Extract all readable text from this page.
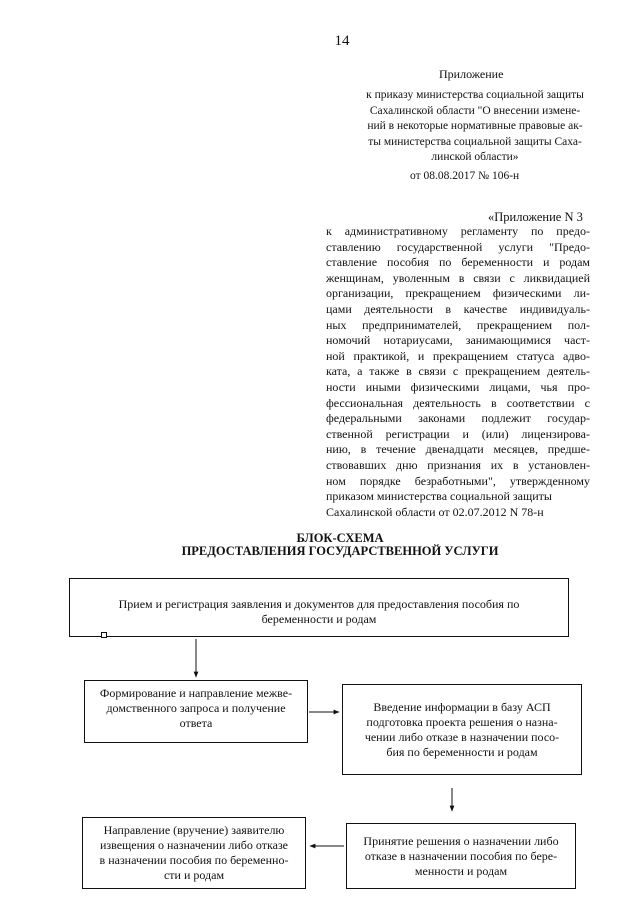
14
Приложение
к приказу министерства социальной защиты
Сахалинской области "О внесении измене-
ний в некоторые нормативные правовые ак-
ты министерства социальной защиты Саха-
линской области»
от 08.08.2017 № 106-н
«Приложение N 3
к административному регламенту по предо-
ставлению государственной услуги "Предо-
ставление пособия по беременности и родам
женщинам, уволенным в связи с ликвидацией
организации, прекращением физическими ли-
цами деятельности в качестве индивидуаль-
ных предпринимателей, прекращением пол-
номочий нотариусами, занимающимися част-
ной практикой, и прекращением статуса адво-
ката, а также в связи с прекращением деятель-
ности иными физическими лицами, чья про-
фессиональная деятельность в соответствии с
федеральными законами подлежит государ-
ственной регистрации и (или) лицензирова-
нию, в течение двенадцати месяцев, предше-
ствовавших дню признания их в установлен-
ном порядке безработными", утвержденному
приказом министерства социальной защиты
Сахалинской области от 02.07.2012 N 78-н
БЛОК-СХЕМА
ПРЕДОСТАВЛЕНИЯ ГОСУДАРСТВЕННОЙ УСЛУГИ
Прием и регистрация заявления и документов для предоставления пособия по
беременности и родам
Формирование и направление межве-
домственного запроса и получение
ответа
Введение информации в базу АСП
подготовка проекта решения о назна-
чении либо отказе в назначении посо-
бия по беременности и родам
Направление (вручение) заявителю
извещения о назначении либо отказе
в назначении пособия по беременно-
сти и родам
Принятие решения о назначении либо
отказе в назначении пособия по бере-
менности и родам
